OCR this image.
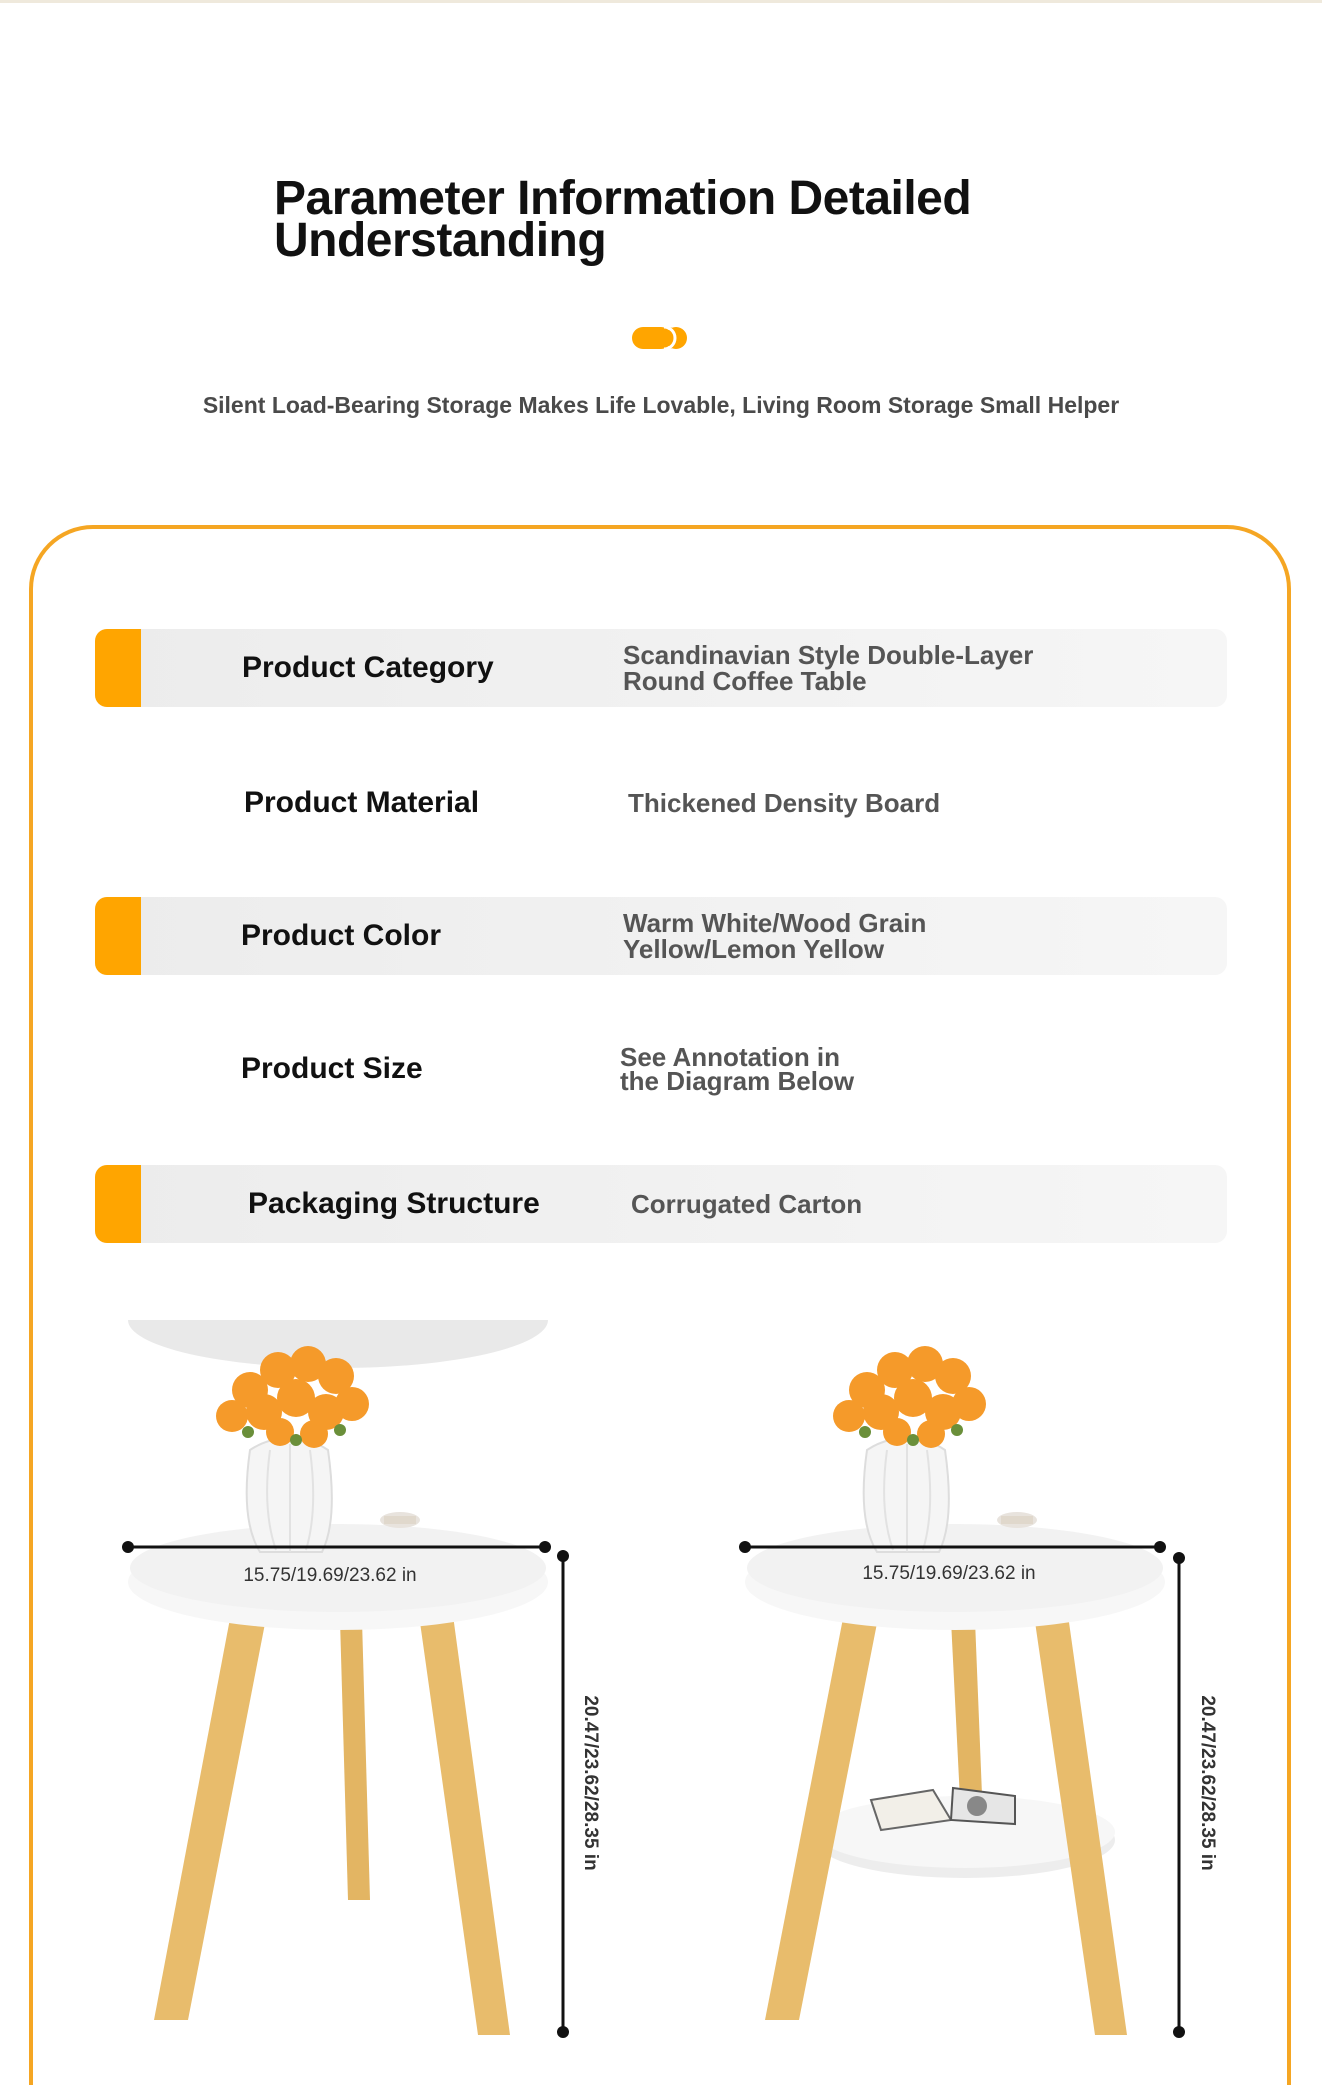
Parameter Information Detailed
Understanding
Silent Load-Bearing Storage Makes Life Lovable, Living Room Storage Small Helper
Product Category	Scandinavian Style Double-Layer
Round Coffee Table
Product Material	Thickened Density Board
Product Color	Warm White/Wood Grain
Yellow/Lemon Yellow
Product Size	See Annotation in
the Diagram Below
Packaging Structure	Corrugated Carton
15.75/19.69/23.62 in
20.47/23.62/28.35 in
15.75/19.69/23.62 in
20.47/23.62/28.35 in
